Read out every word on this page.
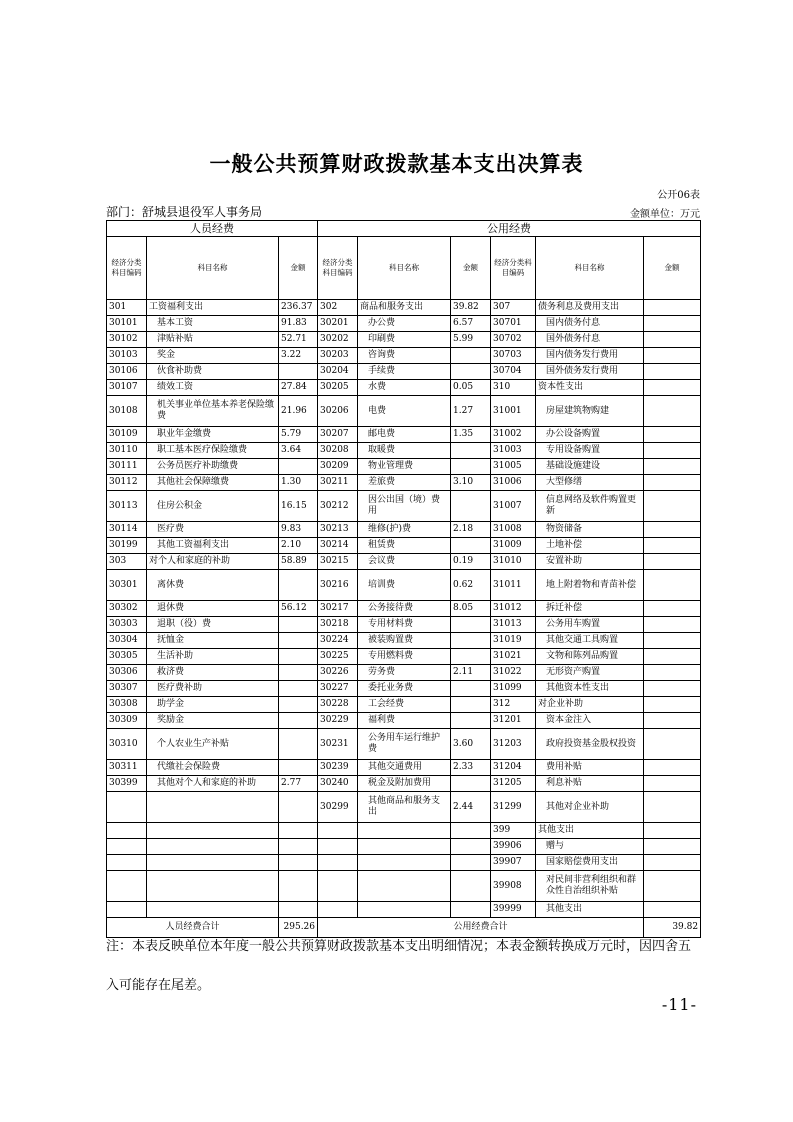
一般公共预算财政拨款基本支出决算表
公开06表
部门：舒城县退役军人事务局	金额单位：万元
人员经费			公用经费					
经济分类科目编码	科目名称	金额	经济分类科目编码	科目名称	金额	经济分类科目编码	科目名称	金额
301	工资福利支出	236.37	302	商品和服务支出	39.82	307	债务利息及费用支出	
30101	基本工资	91.83	30201	办公费	6.57	30701	国内债务付息	
30102	津贴补贴	52.71	30202	印刷费	5.99	30702	国外债务付息	
30103	奖金	3.22	30203	咨询费		30703	国内债务发行费用	
30106	伙食补助费		30204	手续费		30704	国外债务发行费用	
30107	绩效工资	27.84	30205	水费	0.05	310	资本性支出	
30108	机关事业单位基本养老保险缴费	21.96	30206	电费	1.27	31001	房屋建筑物购建	
30109	职业年金缴费	5.79	30207	邮电费	1.35	31002	办公设备购置	
30110	职工基本医疗保险缴费	3.64	30208	取暖费		31003	专用设备购置	
30111	公务员医疗补助缴费		30209	物业管理费		31005	基础设施建设	
30112	其他社会保障缴费	1.30	30211	差旅费	3.10	31006	大型修缮	
30113	住房公积金	16.15	30212	因公出国（境）费用		31007	信息网络及软件购置更新	
30114	医疗费	9.83	30213	维修(护)费	2.18	31008	物资储备	
30199	其他工资福利支出	2.10	30214	租赁费		31009	土地补偿	
303	对个人和家庭的补助	58.89	30215	会议费	0.19	31010	安置补助	
30301	离休费		30216	培训费	0.62	31011	地上附着物和青苗补偿	
30302	退休费	56.12	30217	公务接待费	8.05	31012	拆迁补偿	
30303	退职（役）费		30218	专用材料费		31013	公务用车购置	
30304	抚恤金		30224	被装购置费		31019	其他交通工具购置	
30305	生活补助		30225	专用燃料费		31021	文物和陈列品购置	
30306	救济费		30226	劳务费	2.11	31022	无形资产购置	
30307	医疗费补助		30227	委托业务费		31099	其他资本性支出	
30308	助学金		30228	工会经费		312	对企业补助	
30309	奖励金		30229	福利费		31201	资本金注入	
30310	个人农业生产补贴		30231	公务用车运行维护费	3.60	31203	政府投资基金股权投资	
30311	代缴社会保险费		30239	其他交通费用	2.33	31204	费用补贴	
30399	其他对个人和家庭的补助	2.77	30240	税金及附加费用		31205	利息补贴	
			30299	其他商品和服务支出	2.44	31299	其他对企业补助	
						399	其他支出	
						39906	赠与	
						39907	国家赔偿费用支出	
						39908	对民间非营利组织和群众性自治组织补贴	
						39999	其他支出	
人员经费合计		295.26	公用经费合计					39.82
注：本表反映单位本年度一般公共预算财政拨款基本支出明细情况；本表金额转换成万元时，因四舍五
入可能存在尾差。
-11-
